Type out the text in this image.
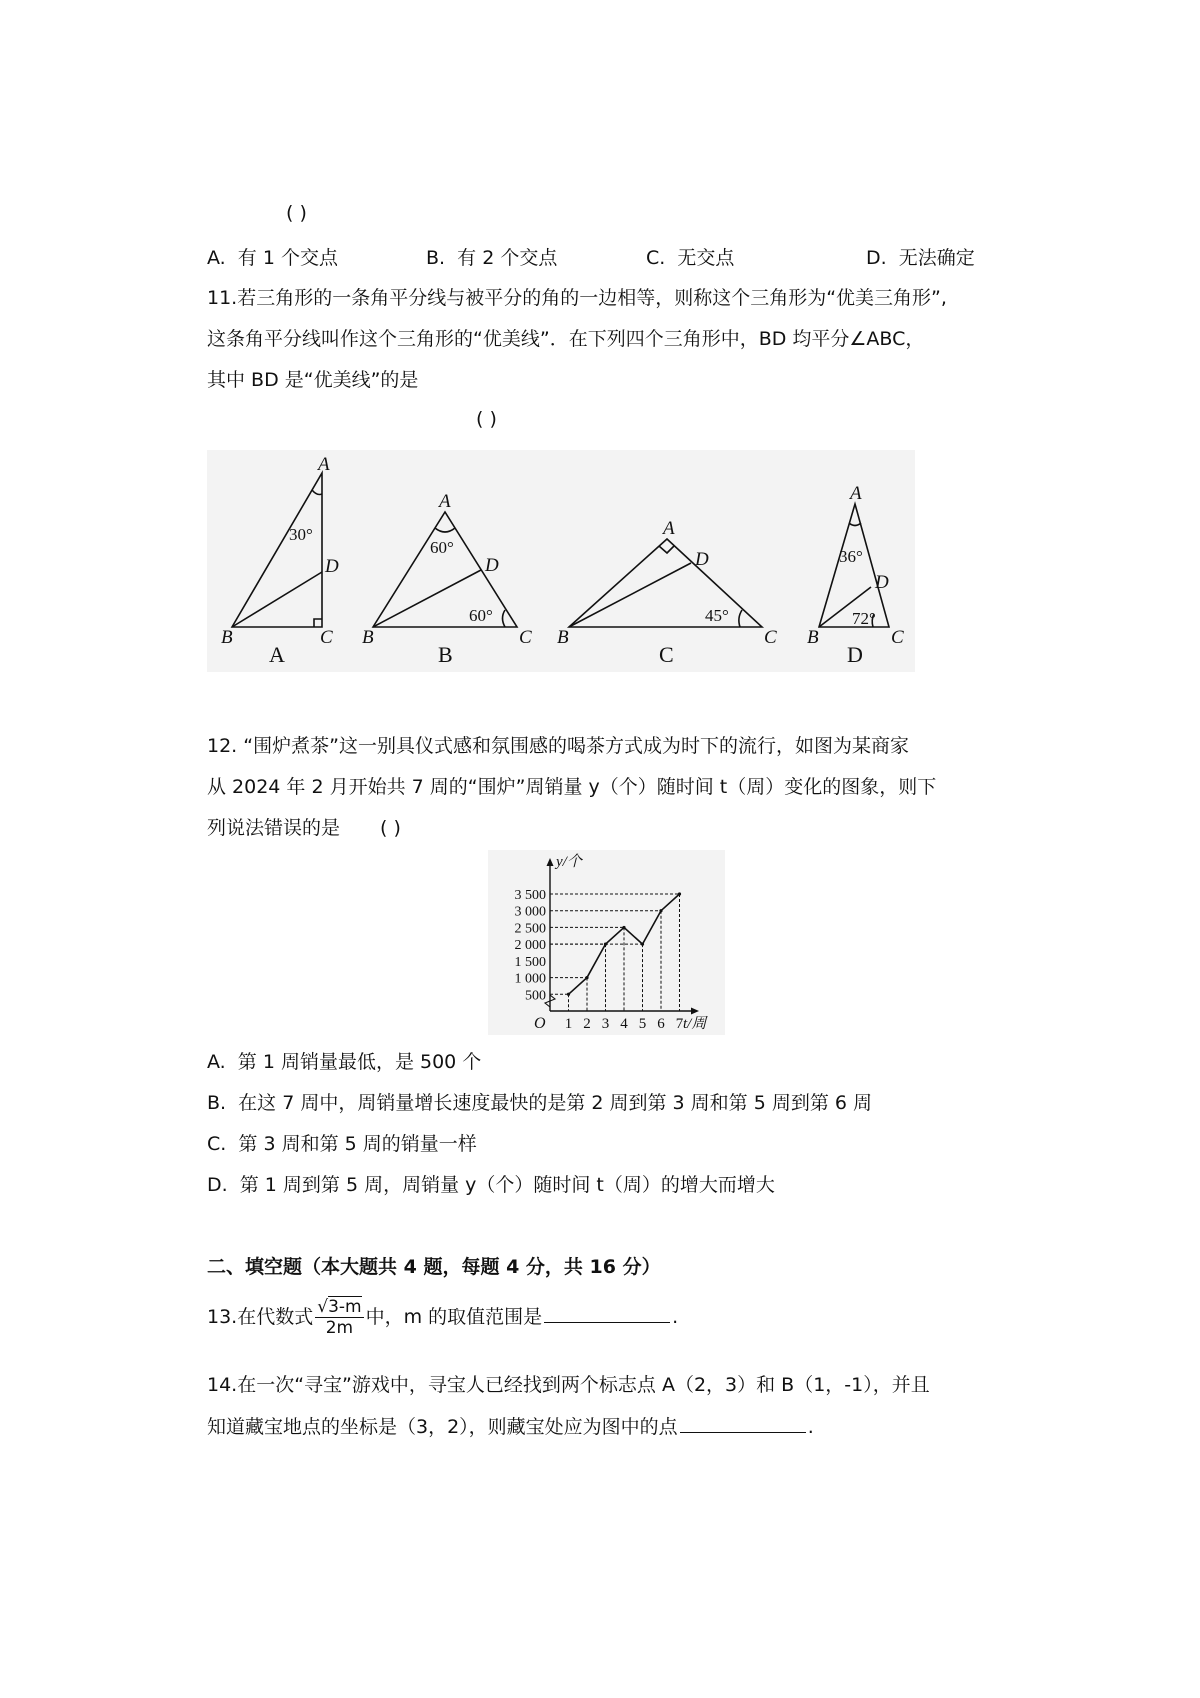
( )
A. 有 1 个交点	B. 有 2 个交点	C. 无交点	D. 无法确定
11.若三角形的一条角平分线与被平分的角的一边相等，则称这个三角形为“优美三角形”,
这条角平分线叫作这个三角形的“优美线”．在下列四个三角形中，BD 均平分∠ABC，
其中 BD 是“优美线”的是
( )
A
B	C
D
A
B	C
D
A
B	C
D
A
B	C
D
30°
60°
60°	45°
36°
72°
A	B	C	D
12. “围炉煮茶”这一别具仪式感和氛围感的喝茶方式成为时下的流行，如图为某商家
从 2024 年 2 月开始共 7 周的“围炉”周销量 y（个）随时间 t（周）变化的图象，则下
列说法错误的是 ( )
1 2 3 4 5 6 7
500
1 000
1 500
2 000
2 500
3 000
3 500
O	t/周
y/个
A. 第 1 周销量最低，是 500 个
B. 在这 7 周中，周销量增长速度最快的是第 2 周到第 3 周和第 5 周到第 6 周
C. 第 3 周和第 5 周的销量一样
D. 第 1 周到第 5 周，周销量 y（个）随时间 t（周）的增大而增大
二、填空题（本大题共 4 题，每题 4 分，共 16 分）
13.在代数式 $\frac{√3-m}{2m}$ 中，m 的取值范围是	.
14.在一次“寻宝”游戏中，寻宝人已经找到两个标志点 A（2，3）和 B（1，-1），并且
知道藏宝地点的坐标是（3，2），则藏宝处应为图中的点	.
